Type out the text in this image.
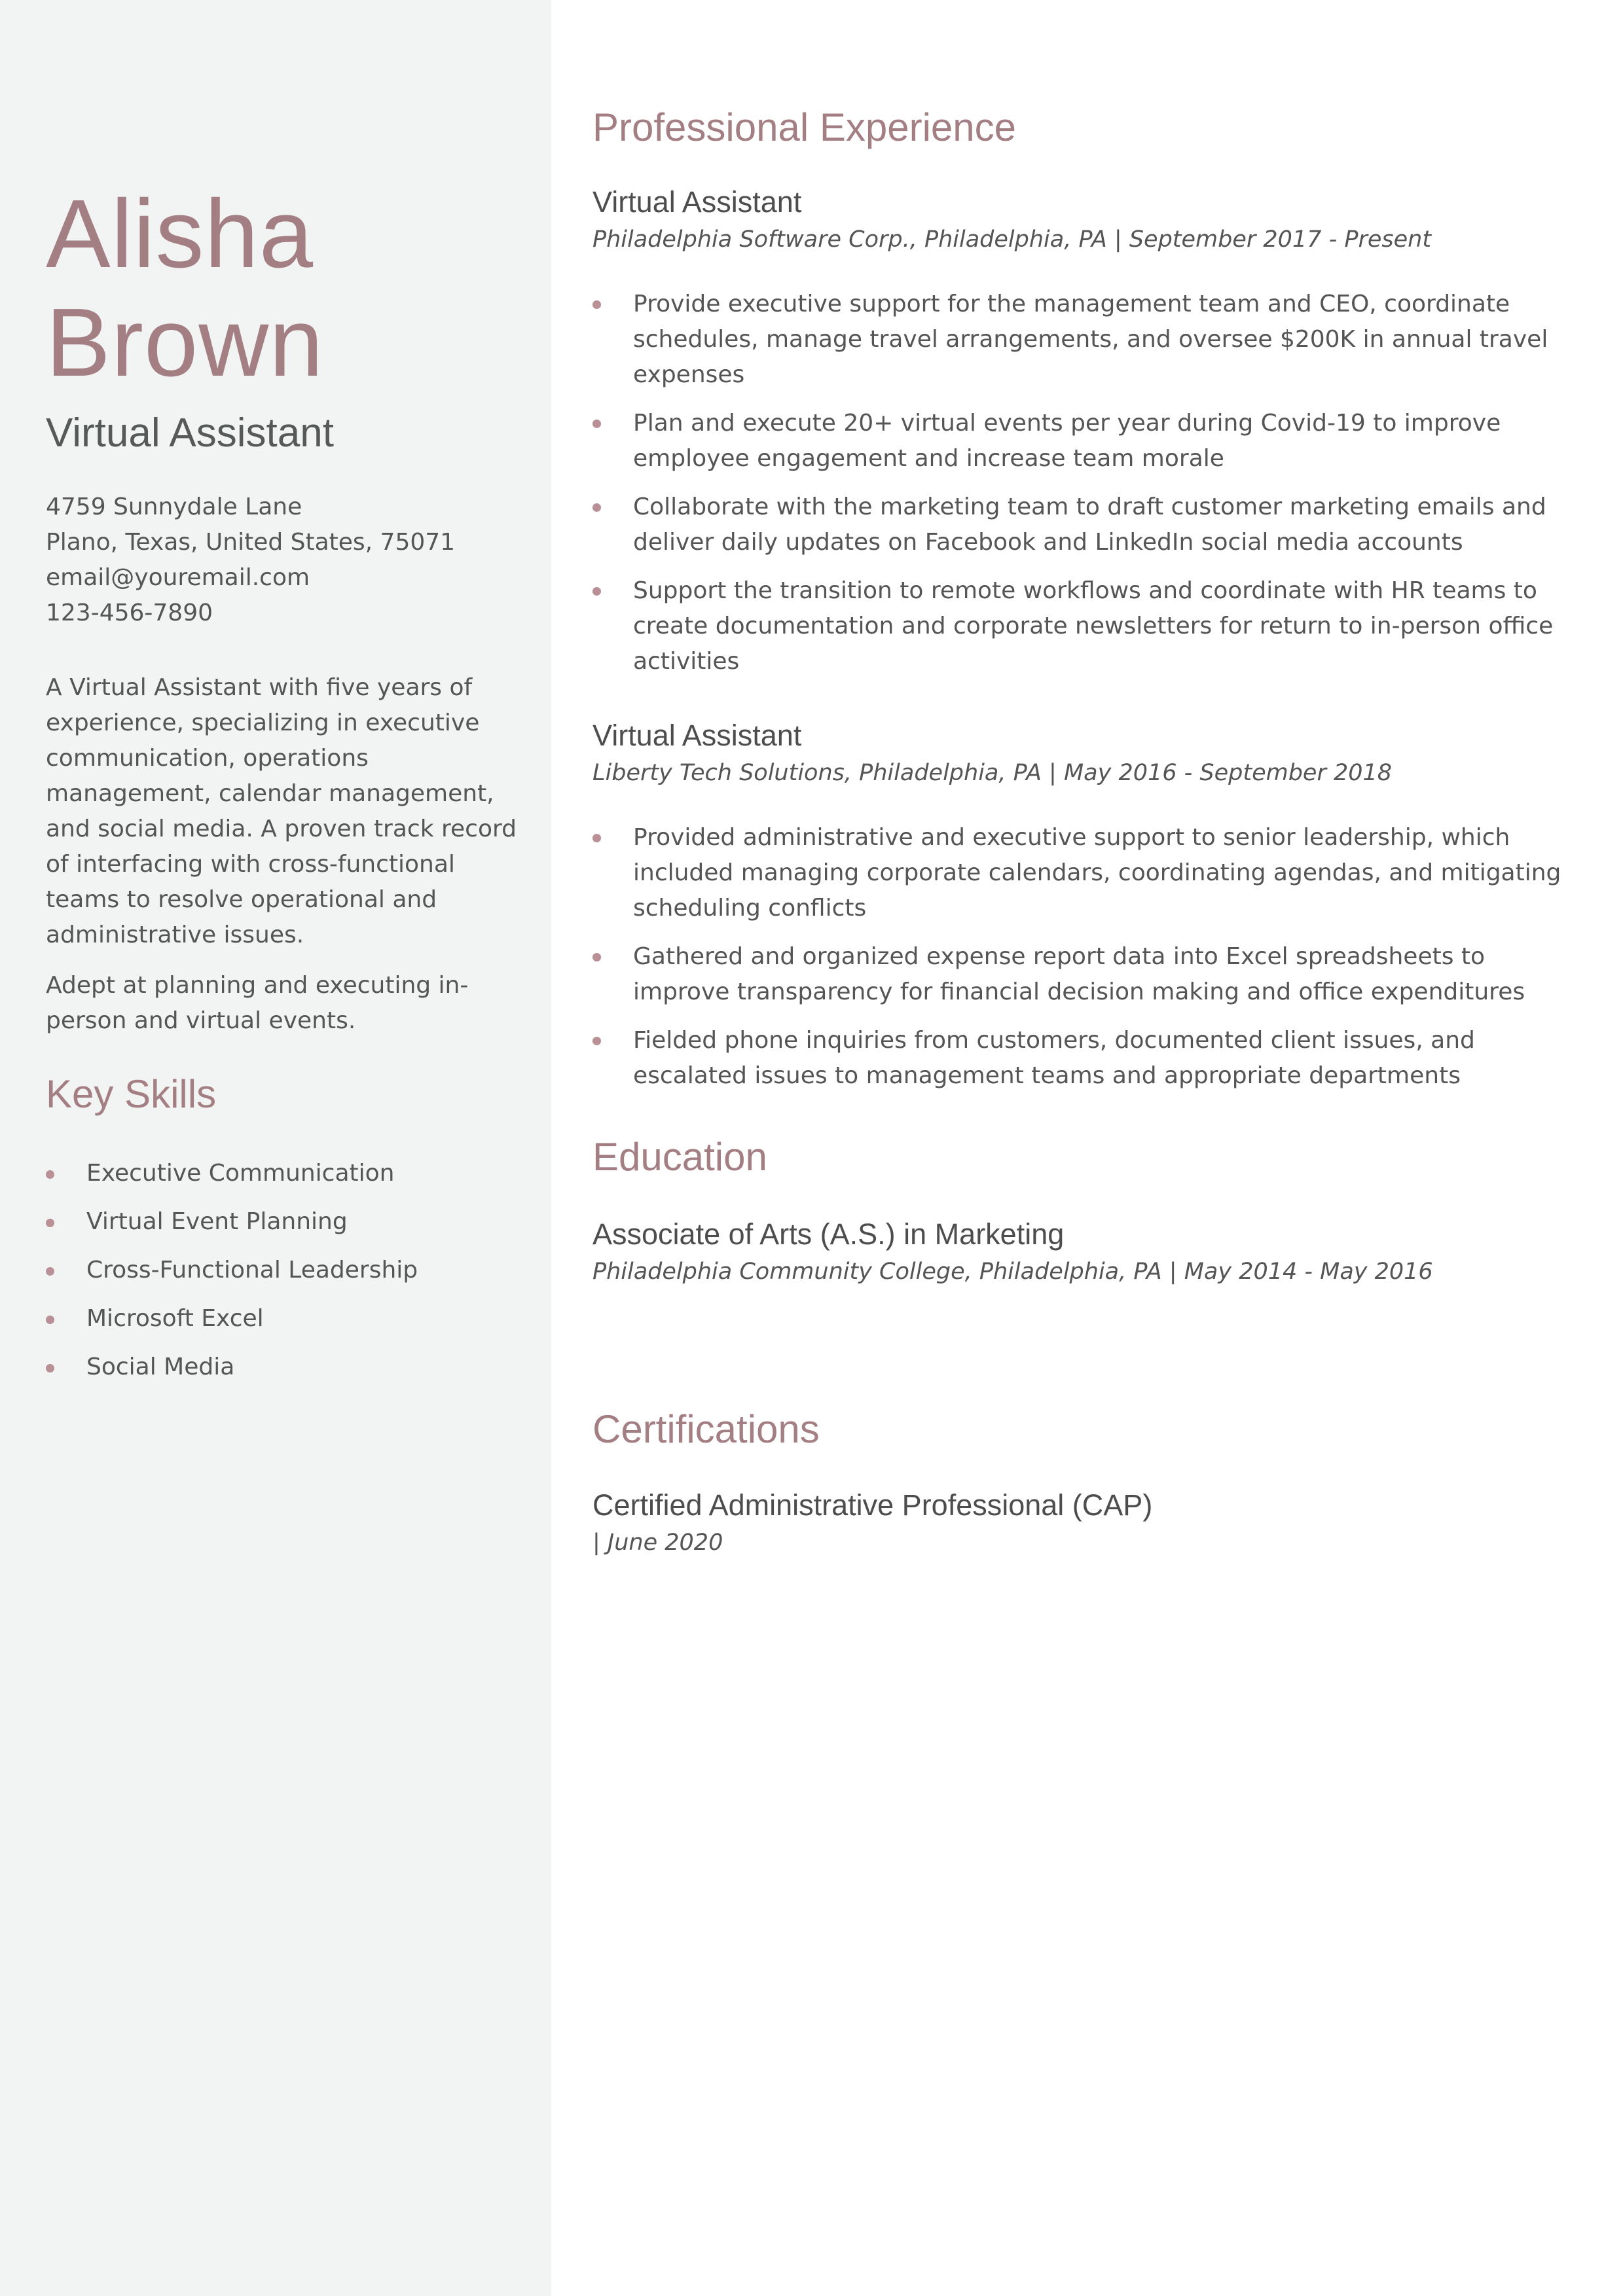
Alisha
Brown
Virtual Assistant
4759 Sunnydale Lane
Plano, Texas, United States, 75071
email@youremail.com
123-456-7890

A Virtual Assistant with five years of experience, specializing in executive communication, operations management, calendar management, and social media. A proven track record of interfacing with cross-functional teams to resolve operational and administrative issues.

Adept at planning and executing in-person and virtual events.

Key Skills
Executive Communication
Virtual Event Planning
Cross-Functional Leadership
Microsoft Excel
Social Media
Professional Experience
Virtual Assistant

Philadelphia Software Corp., Philadelphia, PA | September 2017 - Present

Provide executive support for the management team and CEO, coordinate schedules, manage travel arrangements, and oversee $200K in annual travel expenses
Plan and execute 20+ virtual events per year during Covid-19 to improve employee engagement and increase team morale
Collaborate with the marketing team to draft customer marketing emails and deliver daily updates on Facebook and LinkedIn social media accounts
Support the transition to remote workflows and coordinate with HR teams to create documentation and corporate newsletters for return to in-person office activities
Virtual Assistant

Liberty Tech Solutions, Philadelphia, PA | May 2016 - September 2018

Provided administrative and executive support to senior leadership, which included managing corporate calendars, coordinating agendas, and mitigating scheduling conflicts
Gathered and organized expense report data into Excel spreadsheets to improve transparency for financial decision making and office expenditures
Fielded phone inquiries from customers, documented client issues, and escalated issues to management teams and appropriate departments
Education
Associate of Arts (A.S.) in Marketing

Philadelphia Community College, Philadelphia, PA | May 2014 - May 2016

Certifications
Certified Administrative Professional (CAP)

| June 2020
